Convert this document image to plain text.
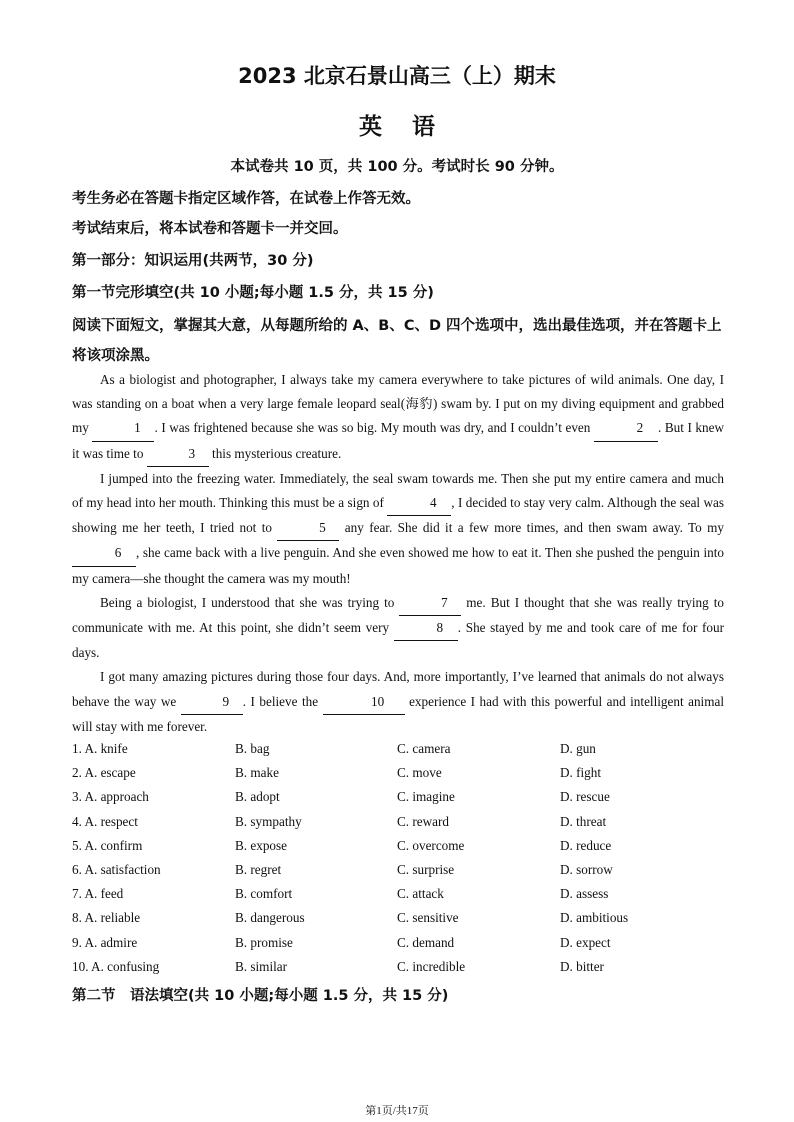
2023 北京石景山高三（上）期末
英语
本试卷共 10 页，共 100 分。考试时长 90 分钟。
考生务必在答题卡指定区域作答，在试卷上作答无效。
考试结束后，将本试卷和答题卡一并交回。
第一部分：知识运用(共两节，30 分)
第一节完形填空(共 10 小题;每小题 1.5 分，共 15 分)
阅读下面短文，掌握其大意，从每题所给的 A、B、C、D 四个选项中，选出最佳选项，并在答题卡上将该项涂黑。

As a biologist and photographer, I always take my camera everywhere to take pictures of wild animals. One day, I was standing on a boat when a very large female leopard seal(海豹) swam by. I put on my diving equipment and grabbed my	1 . I was frightened because she was so big. My mouth was dry, and I couldn’t even	2 . But I knew it was time to	3 this mysterious creature.

I jumped into the freezing water. Immediately, the seal swam towards me. Then she put my entire camera and much of my head into her mouth. Thinking this must be a sign of	4 , I decided to stay very calm. Although the seal was showing me her teeth, I tried not to	5 any fear. She did it a few more times, and then swam away. To my 6 , she came back with a live penguin. And she even showed me how to eat it. Then she pushed the penguin into my camera—she thought the camera was my mouth!

Being a biologist, I understood that she was trying to	7 me. But I thought that she was really trying to communicate with me. At this point, she didn’t seem very	8 . She stayed by me and took care of me for four days.

I got many amazing pictures during those four days. And, more importantly, I’ve learned that animals do not always behave the way we	9 . I believe the	10 experience I had with this powerful and intelligent animal will stay with me forever.

1. A. knife	B. bag	C. camera	D. gun
2. A. escape	B. make	C. move	D. fight
3. A. approach	B. adopt	C. imagine	D. rescue
4. A. respect	B. sympathy	C. reward	D. threat
5. A. confirm	B. expose	C. overcome	D. reduce
6. A. satisfaction	B. regret	C. surprise	D. sorrow
7. A. feed	B. comfort	C. attack	D. assess
8. A. reliable	B. dangerous	C. sensitive	D. ambitious
9. A. admire	B. promise	C. demand	D. expect
10. A. confusing	B. similar	C. incredible	D. bitter
第二节　语法填空(共 10 小题;每小题 1.5 分，共 15 分)
第1页/共17页
